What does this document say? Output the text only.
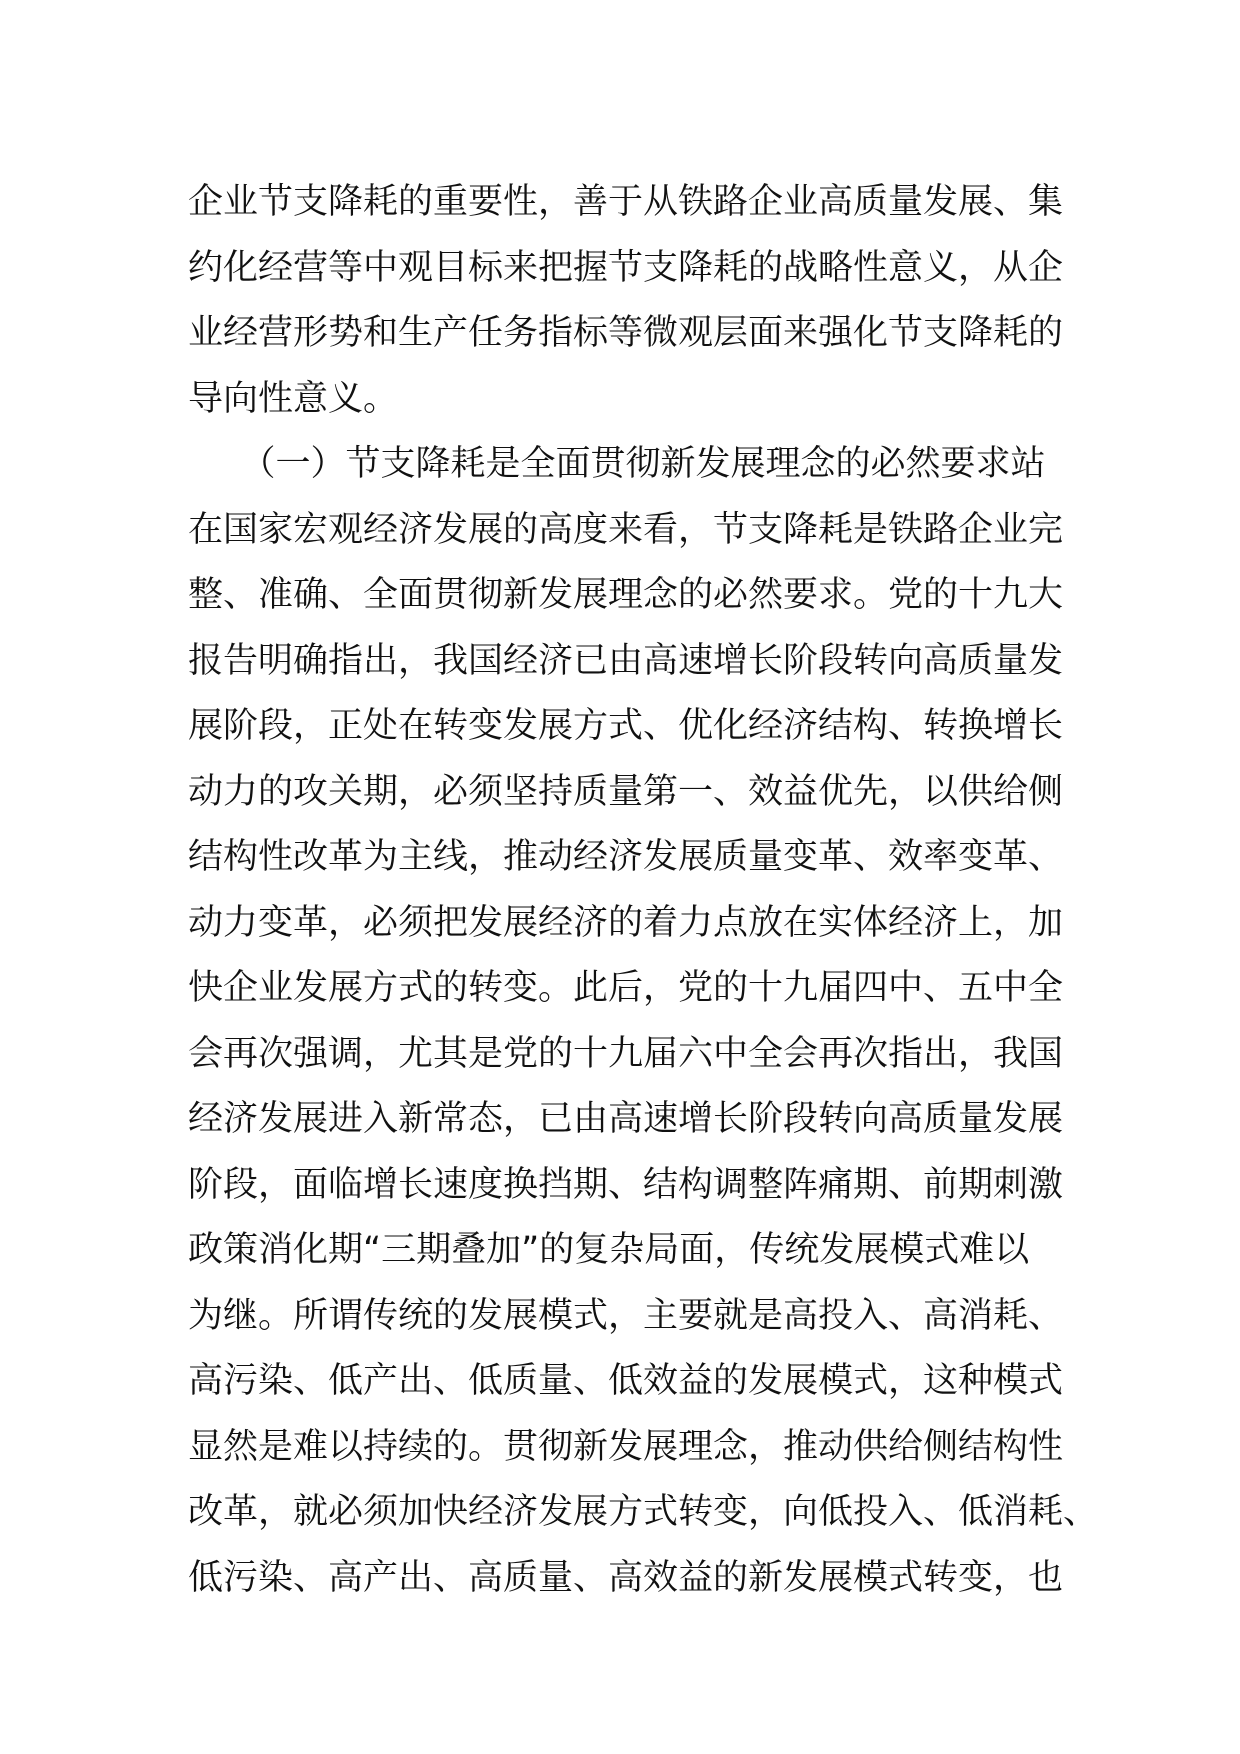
企业节支降耗的重要性，善于从铁路企业高质量发展、集
约化经营等中观目标来把握节支降耗的战略性意义，从企
业经营形势和生产任务指标等微观层面来强化节支降耗的
导向性意义。
　　（一）节支降耗是全面贯彻新发展理念的必然要求站
在国家宏观经济发展的高度来看，节支降耗是铁路企业完
整、准确、全面贯彻新发展理念的必然要求。党的十九大
报告明确指出，我国经济已由高速增长阶段转向高质量发
展阶段，正处在转变发展方式、优化经济结构、转换增长
动力的攻关期，必须坚持质量第一、效益优先，以供给侧
结构性改革为主线，推动经济发展质量变革、效率变革、
动力变革，必须把发展经济的着力点放在实体经济上，加
快企业发展方式的转变。此后，党的十九届四中、五中全
会再次强调，尤其是党的十九届六中全会再次指出，我国
经济发展进入新常态，已由高速增长阶段转向高质量发展
阶段，面临增长速度换挡期、结构调整阵痛期、前期刺激
政策消化期“三期叠加”的复杂局面，传统发展模式难以
为继。所谓传统的发展模式，主要就是高投入、高消耗、
高污染、低产出、低质量、低效益的发展模式，这种模式
显然是难以持续的。贯彻新发展理念，推动供给侧结构性
改革，就必须加快经济发展方式转变，向低投入、低消耗、
低污染、高产出、高质量、高效益的新发展模式转变，也
